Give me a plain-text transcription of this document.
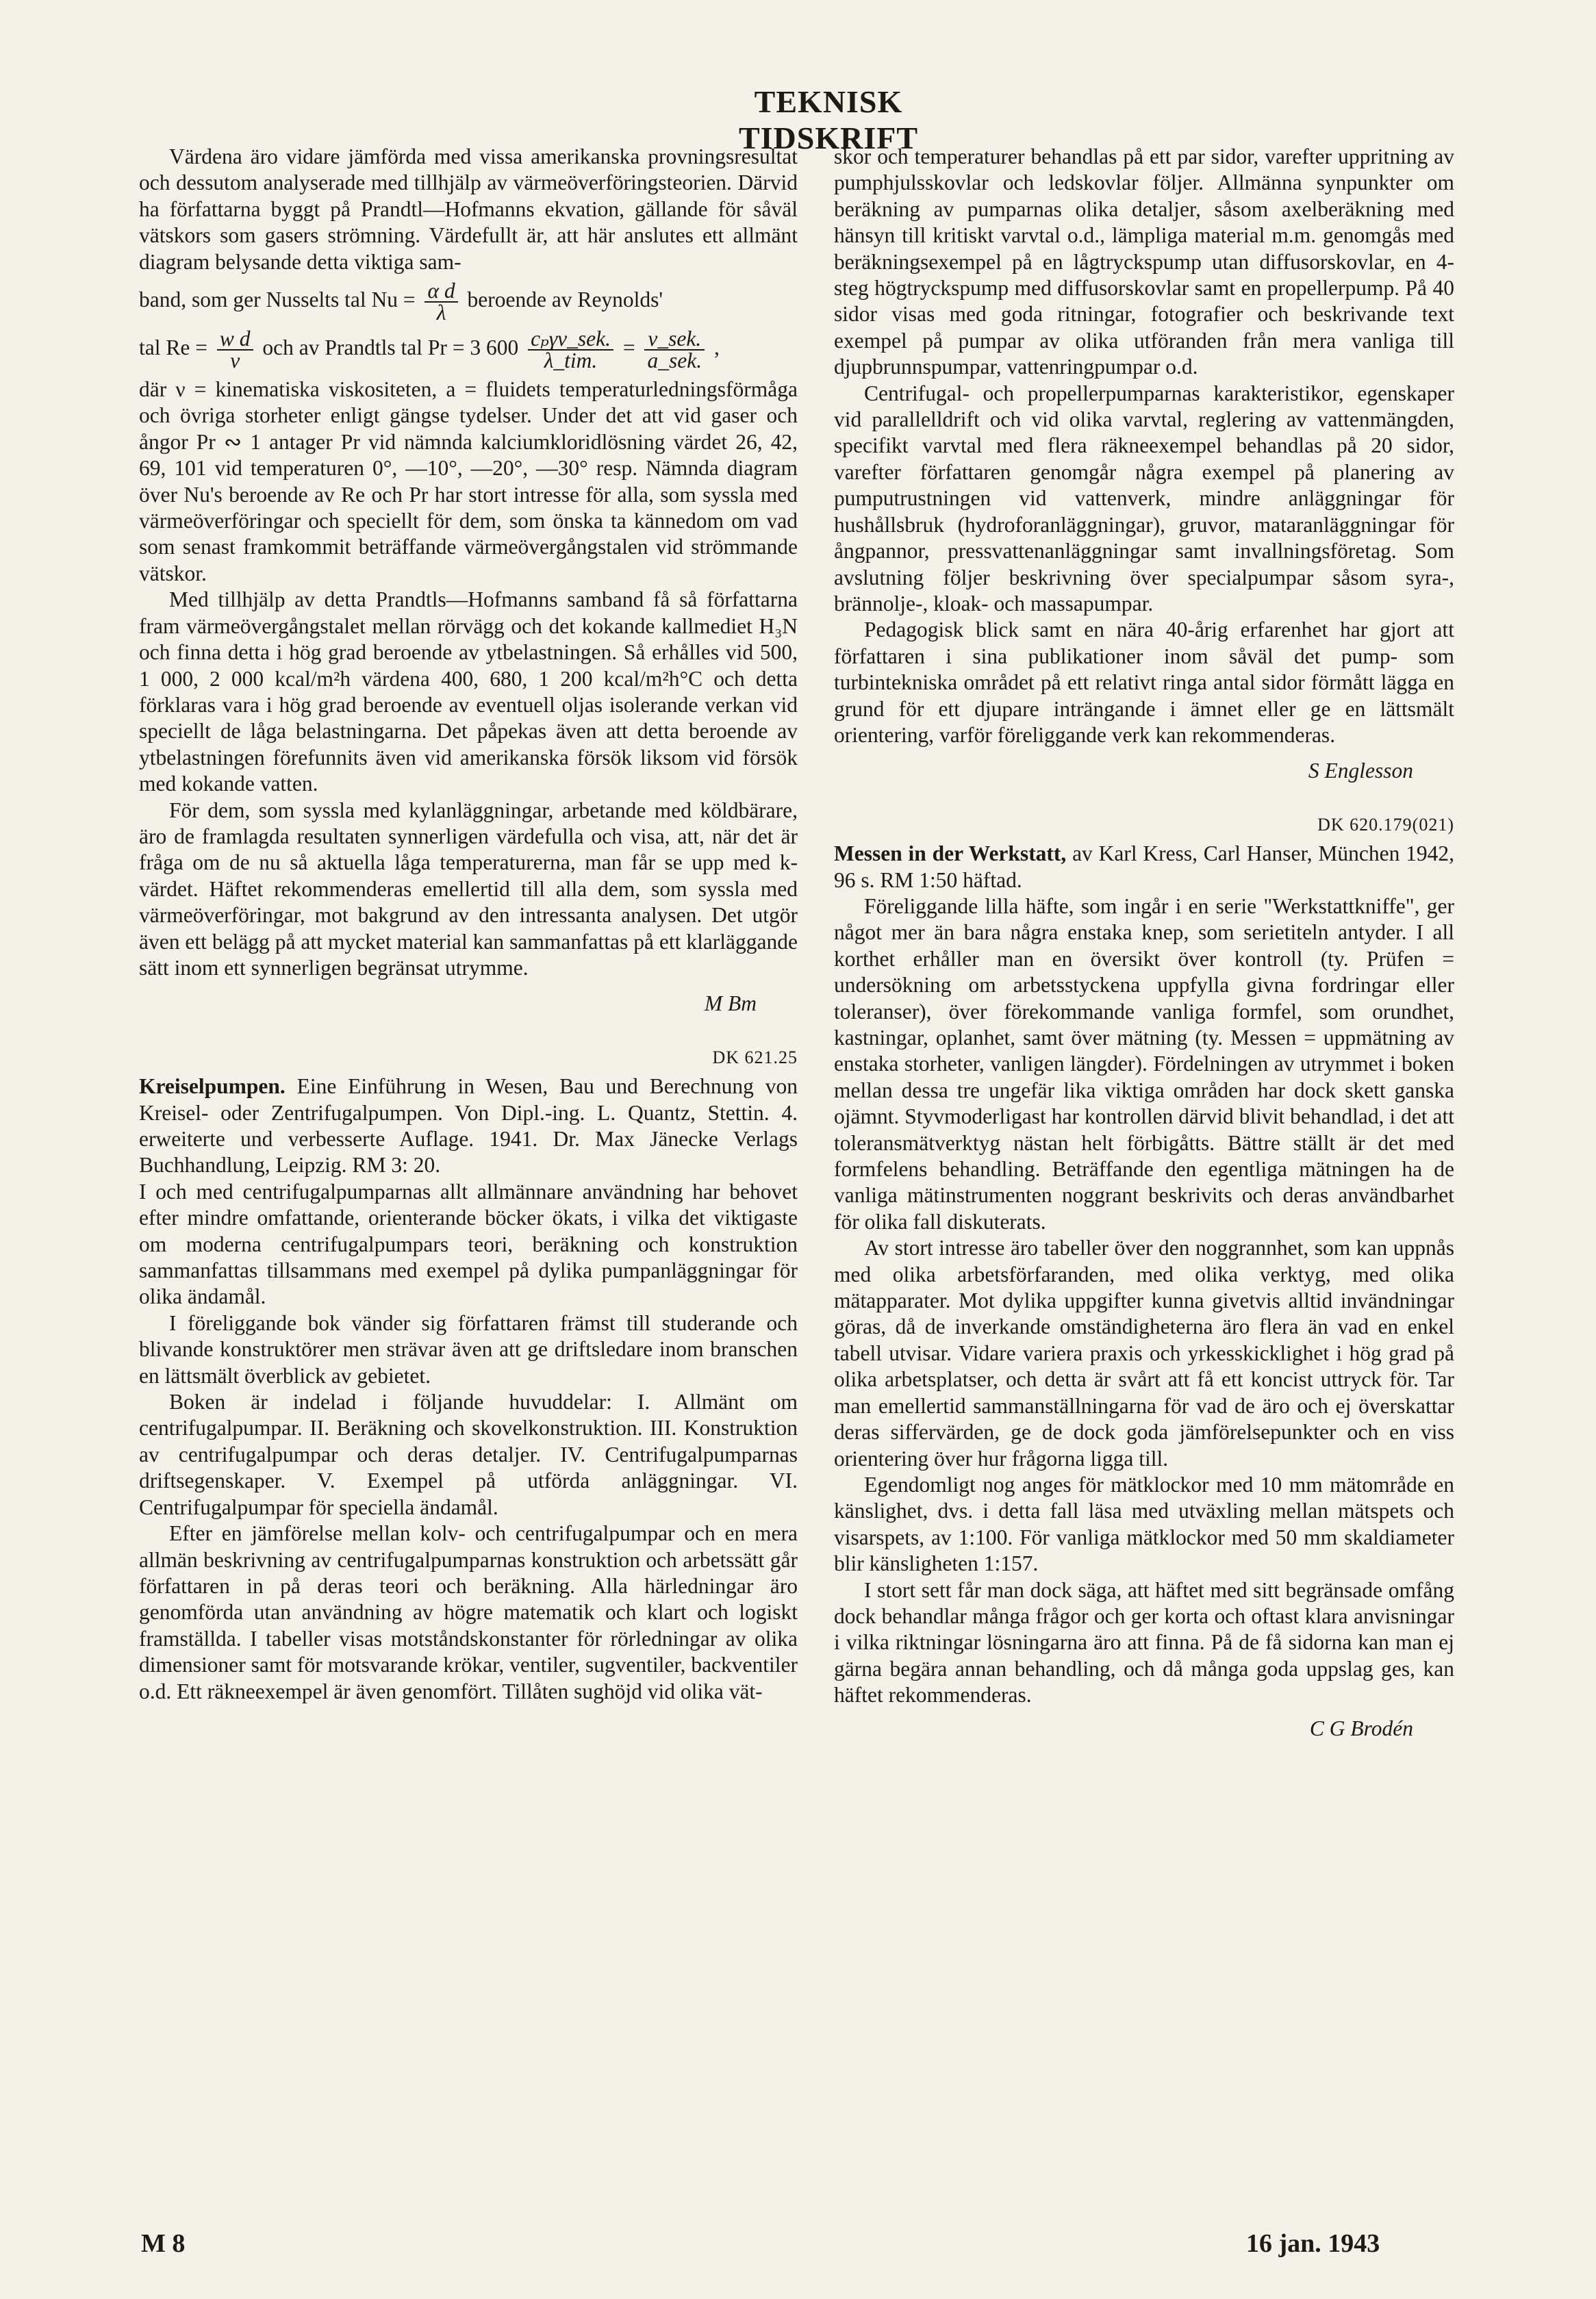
TEKNISK TIDSKRIFT

Värdena äro vidare jämförda med vissa amerikanska provningsresultat och dessutom analyserade med tillhjälp av värmeöverföringsteorien. Därvid ha författarna byggt på Prandtl—Hofmanns ekvation, gällande för såväl vätskors som gasers strömning. Värdefullt är, att här anslutes ett allmänt diagram belysande detta viktiga sam-

band, som ger Nusselts tal $Nu = \frac{\text{α d}}{\lambda}$ beroende av Reynolds'

tal $Re = \frac{\text{w d}}{\nu}$ och av Prandtls tal Pr = 3 $600 \frac{\text{cₚγν\_sek.}}{\text{λ\_tim.}} = \frac{\text{ν\_sek.}}{\text{a\_sek.}}$ ,

där ν = kinematiska viskositeten, a = fluidets temperaturledningsförmåga och övriga storheter enligt gängse tydelser. Under det att vid gaser och ångor Pr ∾ 1 antager Pr vid nämnda kalciumkloridlösning värdet 26, 42, 69, 101 vid temperaturen 0°, —10°, —20°, —30° resp. Nämnda diagram över Nu's beroende av Re och Pr har stort intresse för alla, som syssla med värmeöverföringar och speciellt för dem, som önska ta kännedom om vad som senast framkommit beträffande värmeövergångstalen vid strömmande vätskor.

Med tillhjälp av detta Prandtls—Hofmanns samband få så författarna fram värmeövergångstalet mellan rörvägg och det kokande kallmediet H₃N och finna detta i hög grad beroende av ytbelastningen. Så erhålles vid 500, 1 000, 2 000 kcal/m²h värdena 400, 680, 1 200 kcal/m²h°C och detta förklaras vara i hög grad beroende av eventuell oljas isolerande verkan vid speciellt de låga belastningarna. Det påpekas även att detta beroende av ytbelastningen förefunnits även vid amerikanska försök liksom vid försök med kokande vatten.

För dem, som syssla med kylanläggningar, arbetande med köldbärare, äro de framlagda resultaten synnerligen värdefulla och visa, att, när det är fråga om de nu så aktuella låga temperaturerna, man får se upp med k-värdet. Häftet rekommenderas emellertid till alla dem, som syssla med värmeöverföringar, mot bakgrund av den intressanta analysen. Det utgör även ett belägg på att mycket material kan sammanfattas på ett klarläggande sätt inom ett synnerligen begränsat utrymme.

M Bm

DK 621.25

Kreiselpumpen. Eine Einführung in Wesen, Bau und Berechnung von Kreisel- oder Zentrifugalpumpen. Von Dipl.-ing. L. Quantz, Stettin. 4. erweiterte und verbesserte Auflage. 1941. Dr. Max Jänecke Verlags Buchhandlung, Leipzig. RM 3: 20.

I och med centrifugalpumparnas allt allmännare användning har behovet efter mindre omfattande, orienterande böcker ökats, i vilka det viktigaste om moderna centrifugalpumpars teori, beräkning och konstruktion sammanfattas tillsammans med exempel på dylika pumpanläggningar för olika ändamål.

I föreliggande bok vänder sig författaren främst till studerande och blivande konstruktörer men strävar även att ge driftsledare inom branschen en lättsmält överblick av gebietet.

Boken är indelad i följande huvuddelar: I. Allmänt om centrifugalpumpar. II. Beräkning och skovelkonstruktion. III. Konstruktion av centrifugalpumpar och deras detaljer. IV. Centrifugalpumparnas driftsegenskaper. V. Exempel på utförda anläggningar. VI. Centrifugalpumpar för speciella ändamål.

Efter en jämförelse mellan kolv- och centrifugalpumpar och en mera allmän beskrivning av centrifugalpumparnas konstruktion och arbetssätt går författaren in på deras teori och beräkning. Alla härledningar äro genomförda utan användning av högre matematik och klart och logiskt framställda. I tabeller visas motståndskonstanter för rörledningar av olika dimensioner samt för motsvarande krökar, ventiler, sugventiler, backventiler o.d. Ett räkneexempel är även genomfört. Tillåten sughöjd vid olika vät-

skor och temperaturer behandlas på ett par sidor, varefter uppritning av pumphjulsskovlar och ledskovlar följer. Allmänna synpunkter om beräkning av pumparnas olika detaljer, såsom axelberäkning med hänsyn till kritiskt varvtal o.d., lämpliga material m.m. genomgås med beräkningsexempel på en lågtryckspump utan diffusorskovlar, en 4-steg högtryckspump med diffusorskovlar samt en propellerpump. På 40 sidor visas med goda ritningar, fotografier och beskrivande text exempel på pumpar av olika utföranden från mera vanliga till djupbrunnspumpar, vattenringpumpar o.d.

Centrifugal- och propellerpumparnas karakteristikor, egenskaper vid parallelldrift och vid olika varvtal, reglering av vattenmängden, specifikt varvtal med flera räkneexempel behandlas på 20 sidor, varefter författaren genomgår några exempel på planering av pumputrustningen vid vattenverk, mindre anläggningar för hushållsbruk (hydroforanläggningar), gruvor, mataranläggningar för ångpannor, pressvattenanläggningar samt invallningsföretag. Som avslutning följer beskrivning över specialpumpar såsom syra-, brännolje-, kloak- och massapumpar.

Pedagogisk blick samt en nära 40-årig erfarenhet har gjort att författaren i sina publikationer inom såväl det pump- som turbintekniska området på ett relativt ringa antal sidor förmått lägga en grund för ett djupare inträngande i ämnet eller ge en lättsmält orientering, varför föreliggande verk kan rekommenderas.

S Englesson

DK 620.179(021)

Messen in der Werkstatt, av Karl Kress, Carl Hanser, München 1942, 96 s. RM 1:50 häftad.

Föreliggande lilla häfte, som ingår i en serie "Werkstattkniffe", ger något mer än bara några enstaka knep, som serietiteln antyder. I all korthet erhåller man en översikt över kontroll (ty. Prüfen = undersökning om arbetsstyckena uppfylla givna fordringar eller toleranser), över förekommande vanliga formfel, som orundhet, kastningar, oplanhet, samt över mätning (ty. Messen = uppmätning av enstaka storheter, vanligen längder). Fördelningen av utrymmet i boken mellan dessa tre ungefär lika viktiga områden har dock skett ganska ojämnt. Styvmoderligast har kontrollen därvid blivit behandlad, i det att toleransmätverktyg nästan helt förbigåtts. Bättre ställt är det med formfelens behandling. Beträffande den egentliga mätningen ha de vanliga mätinstrumenten noggrant beskrivits och deras användbarhet för olika fall diskuterats.

Av stort intresse äro tabeller över den noggrannhet, som kan uppnås med olika arbetsförfaranden, med olika verktyg, med olika mätapparater. Mot dylika uppgifter kunna givetvis alltid invändningar göras, då de inverkande omständigheterna äro flera än vad en enkel tabell utvisar. Vidare variera praxis och yrkesskicklighet i hög grad på olika arbetsplatser, och detta är svårt att få ett koncist uttryck för. Tar man emellertid sammanställningarna för vad de äro och ej överskattar deras siffervärden, ge de dock goda jämförelsepunkter och en viss orientering över hur frågorna ligga till.

Egendomligt nog anges för mätklockor med 10 mm mätområde en känslighet, dvs. i detta fall läsa med utväxling mellan mätspets och visarspets, av 1:100. För vanliga mätklockor med 50 mm skaldiameter blir känsligheten 1:157.

I stort sett får man dock säga, att häftet med sitt begränsade omfång dock behandlar många frågor och ger korta och oftast klara anvisningar i vilka riktningar lösningarna äro att finna. På de få sidorna kan man ej gärna begära annan behandling, och då många goda uppslag ges, kan häftet rekommenderas.

C G Brodén

M 8	16 jan. 1943
